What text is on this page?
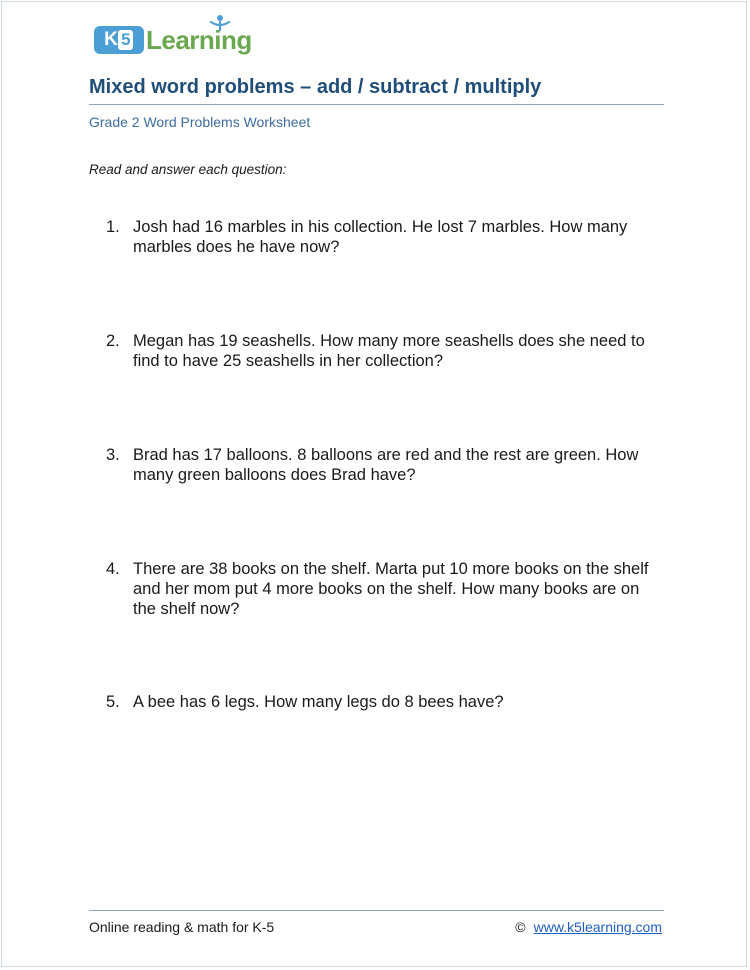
K 5 Learning
Mixed word problems – add / subtract / multiply
Grade 2 Word Problems Worksheet
Read and answer each question:
1. Josh had 16 marbles in his collection. He lost 7 marbles. How many marbles does he have now?
2. Megan has 19 seashells. How many more seashells does she need to find to have 25 seashells in her collection?
3. Brad has 17 balloons. 8 balloons are red and the rest are green. How many green balloons does Brad have?
4. There are 38 books on the shelf. Marta put 10 more books on the shelf and her mom put 4 more books on the shelf. How many books are on the shelf now?
5. A bee has 6 legs. How many legs do 8 bees have?
Online reading & math for K-5	© www.k5learning.com
